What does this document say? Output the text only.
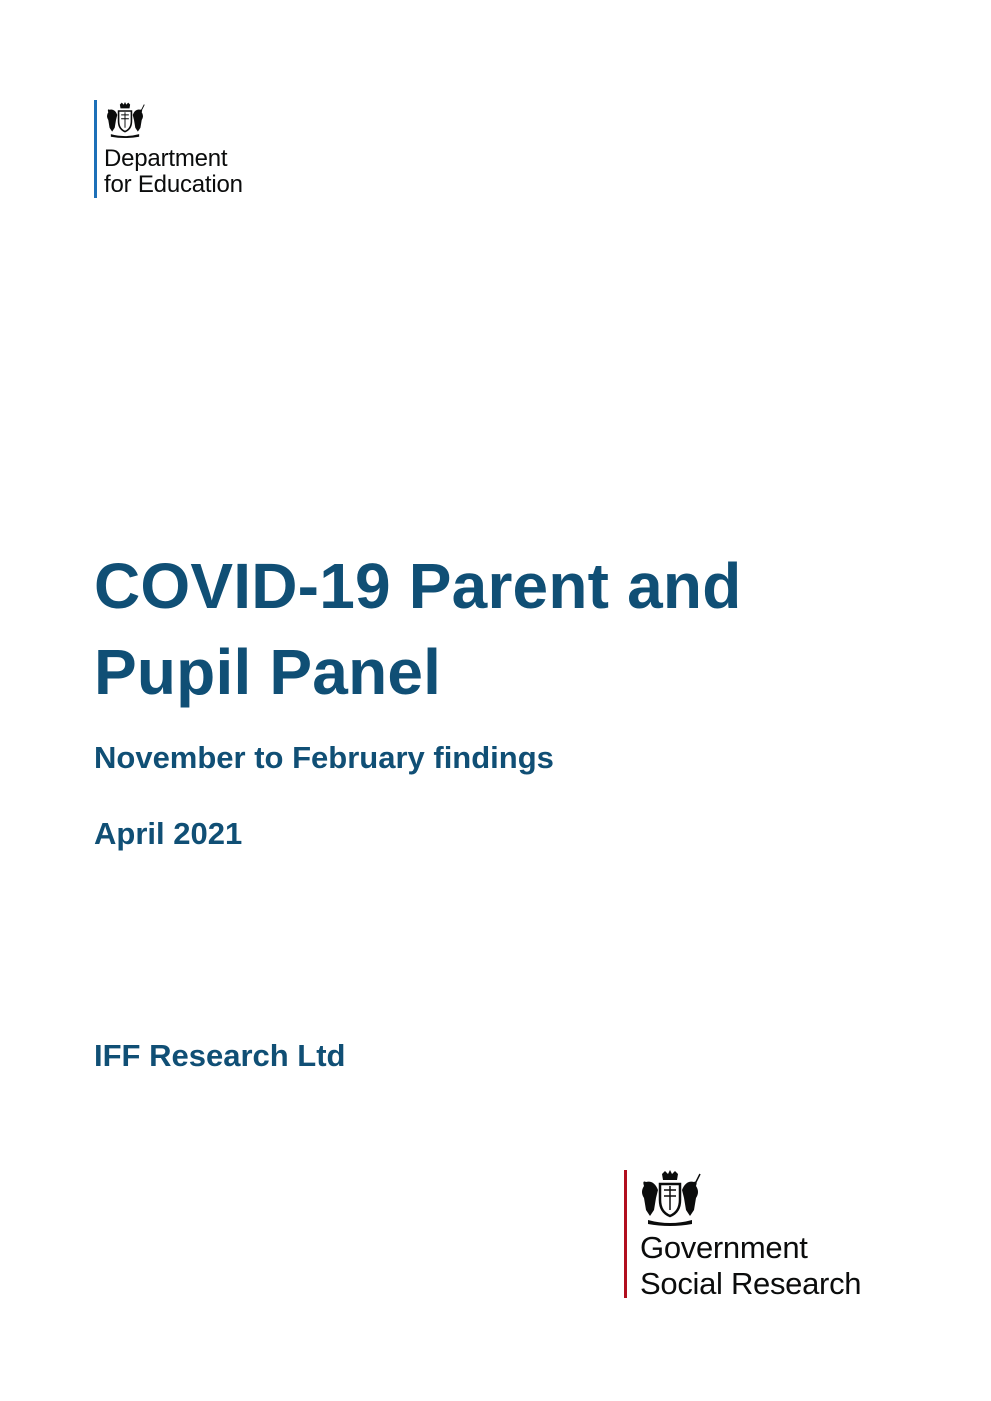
Department
for Education
COVID-19 Parent and Pupil Panel
November to February findings
April 2021
IFF Research Ltd
Government
Social Research
